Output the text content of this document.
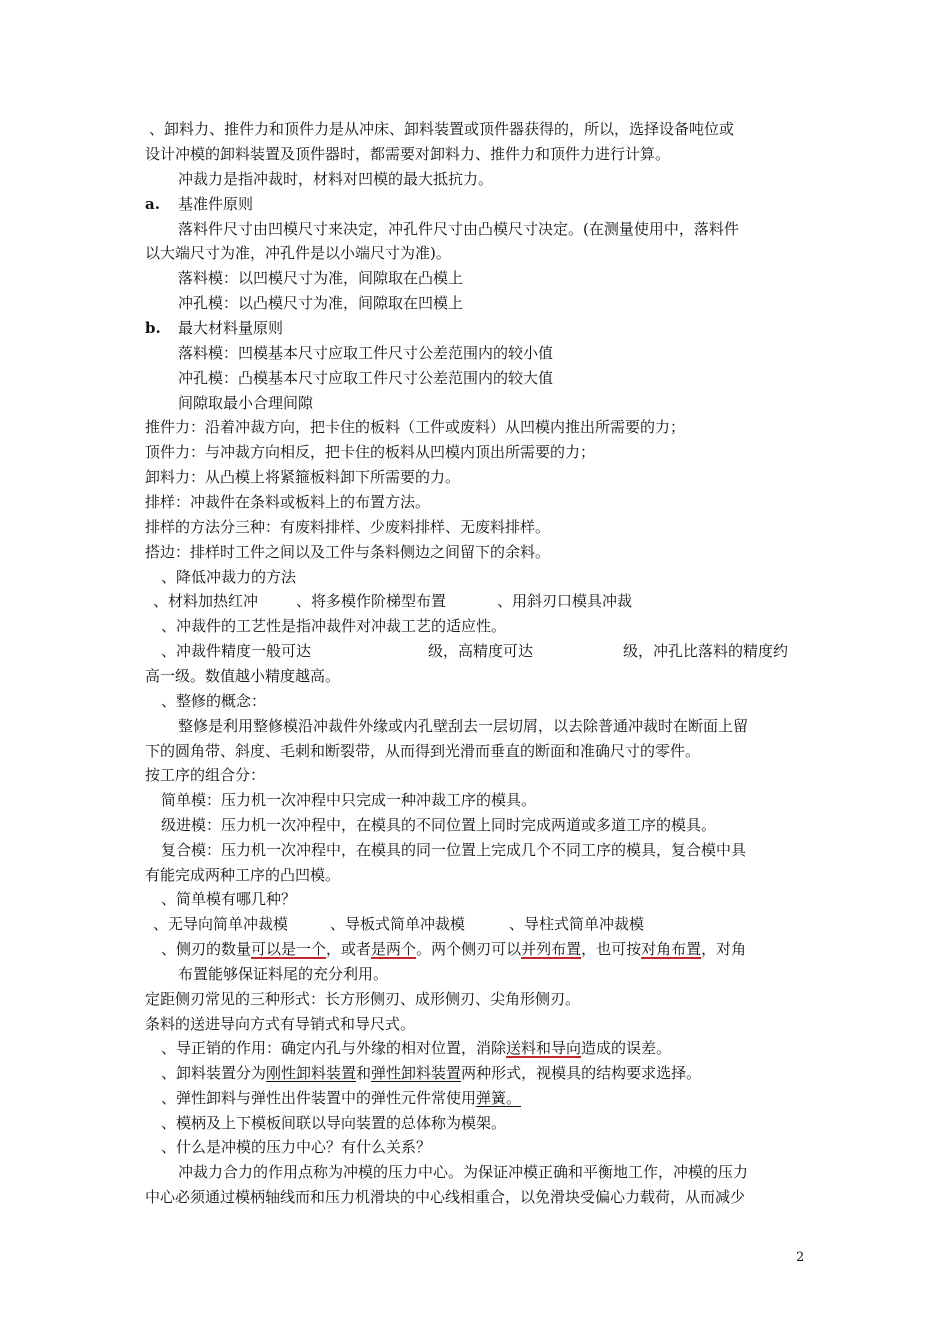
、卸料力、推件力和顶件力是从冲床、卸料装置或顶件器获得的，所以，选择设备吨位或
设计冲模的卸料装置及顶件器时，都需要对卸料力、推件力和顶件力进行计算。
冲裁力是指冲裁时，材料对凹模的最大抵抗力。
a. 基准件原则
落料件尺寸由凹模尺寸来决定，冲孔件尺寸由凸模尺寸决定。(在测量使用中，落料件
以大端尺寸为准，冲孔件是以小端尺寸为准)。
落料模：以凹模尺寸为准，间隙取在凸模上
冲孔模：以凸模尺寸为准，间隙取在凹模上
b. 最大材料量原则
落料模：凹模基本尺寸应取工件尺寸公差范围内的较小值
冲孔模：凸模基本尺寸应取工件尺寸公差范围内的较大值
间隙取最小合理间隙
推件力：沿着冲裁方向，把卡住的板料（工件或废料）从凹模内推出所需要的力；
顶件力：与冲裁方向相反，把卡住的板料从凹模内顶出所需要的力；
卸料力：从凸模上将紧箍板料卸下所需要的力。
排样：冲裁件在条料或板料上的布置方法。
排样的方法分三种：有废料排样、少废料排样、无废料排样。
搭边：排样时工件之间以及工件与条料侧边之间留下的余料。
、降低冲裁力的方法
、材料加热红冲	、将多模作阶梯型布置	、用斜刃口模具冲裁
、冲裁件的工艺性是指冲裁件对冲裁工艺的适应性。
、冲裁件精度一般可达	级，高精度可达	级，冲孔比落料的精度约
高一级。数值越小精度越高。
、整修的概念：
整修是利用整修模沿冲裁件外缘或内孔壁刮去一层切屑，以去除普通冲裁时在断面上留
下的圆角带、斜度、毛刺和断裂带，从而得到光滑而垂直的断面和准确尺寸的零件。
按工序的组合分：
简单模：压力机一次冲程中只完成一种冲裁工序的模具。
级进模：压力机一次冲程中，在模具的不同位置上同时完成两道或多道工序的模具。
复合模：压力机一次冲程中，在模具的同一位置上完成几个不同工序的模具，复合模中具
有能完成两种工序的凸凹模。
、简单模有哪几种？
、无导向简单冲裁模	、导板式简单冲裁模	、导柱式简单冲裁模
、侧刃的数量可以是一个，或者是两个。两个侧刃可以并列布置，也可按对角布置，对角
布置能够保证料尾的充分利用。
定距侧刃常见的三种形式：长方形侧刃、成形侧刃、尖角形侧刃。
条料的送进导向方式有导销式和导尺式。
、导正销的作用：确定内孔与外缘的相对位置，消除送料和导向造成的误差。
、卸料装置分为刚性卸料装置和弹性卸料装置两种形式，视模具的结构要求选择。
、弹性卸料与弹性出件装置中的弹性元件常使用弹簧。
、模柄及上下模板间联以导向装置的总体称为模架。
、什么是冲模的压力中心？有什么关系？
冲裁力合力的作用点称为冲模的压力中心。为保证冲模正确和平衡地工作，冲模的压力
中心必须通过模柄轴线而和压力机滑块的中心线相重合，以免滑块受偏心力载荷，从而减少
2
